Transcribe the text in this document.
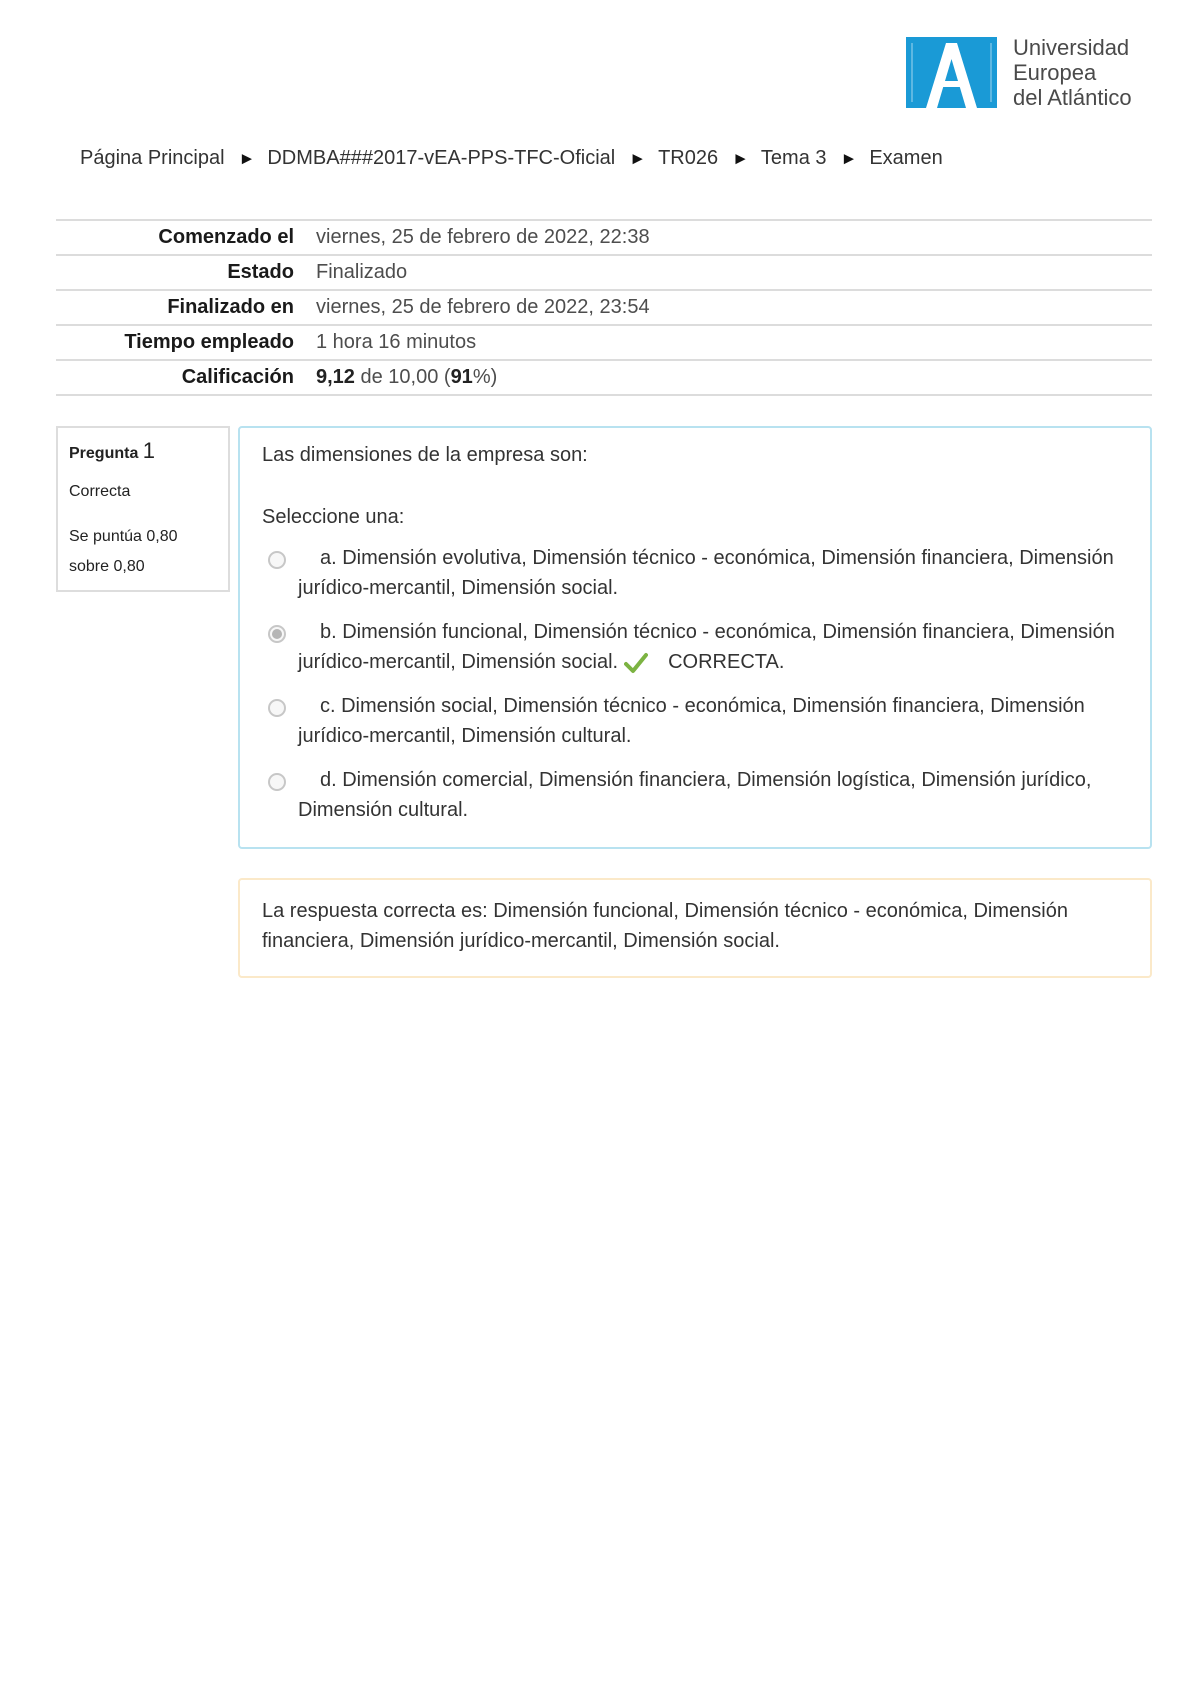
Universidad
Europea
del Atlántico
Página Principal ► DDMBA###2017-vEA-PPS-TFC-Oficial ► TR026 ► Tema 3 ► Examen
Comenzado el	viernes, 25 de febrero de 2022, 22:38
Estado	Finalizado
Finalizado en	viernes, 25 de febrero de 2022, 23:54
Tiempo empleado	1 hora 16 minutos
Calificación	9,12 de 10,00 (91%)
Pregunta 1
Correcta
Se puntúa 0,80
sobre 0,80
Las dimensiones de la empresa son:
Seleccione una:
a. Dimensión evolutiva, Dimensión técnico - económica, Dimensión financiera, Dimensión jurídico-mercantil, Dimensión social.
b. Dimensión funcional, Dimensión técnico - económica, Dimensión financiera, Dimensión jurídico-mercantil, Dimensión social.	CORRECTA.
c. Dimensión social, Dimensión técnico - económica, Dimensión financiera, Dimensión jurídico-mercantil, Dimensión cultural.
d. Dimensión comercial, Dimensión financiera, Dimensión logística, Dimensión jurídico, Dimensión cultural.
La respuesta correcta es: Dimensión funcional, Dimensión técnico - económica, Dimensión financiera, Dimensión jurídico-mercantil, Dimensión social.
